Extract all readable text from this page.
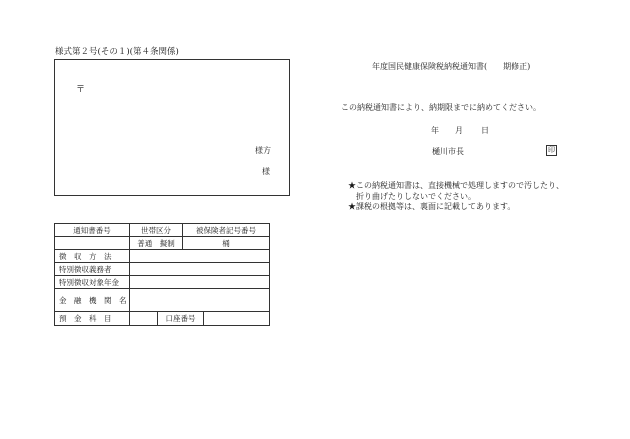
様式第２号(その１)(第４条関係)
〒
様方
様
年度国民健康保険税納税通知書(　　期修正)
この納税通知書により、納期限までに納めてください。
年 月 日
樋川市長	印
★この納税通知書は、直接機械で処理しますので汚したり、
　折り曲げたりしないでください。
★課税の根拠等は、裏面に記載してあります。
通知書番号	世帯区分		被保険者記号番号	
	普通　擬制		桶	
徴　収　方　法				
特別徴収義務者				
特別徴収対象年金				
金　融　機　関　名				
預　金　科　目		口座番号		
